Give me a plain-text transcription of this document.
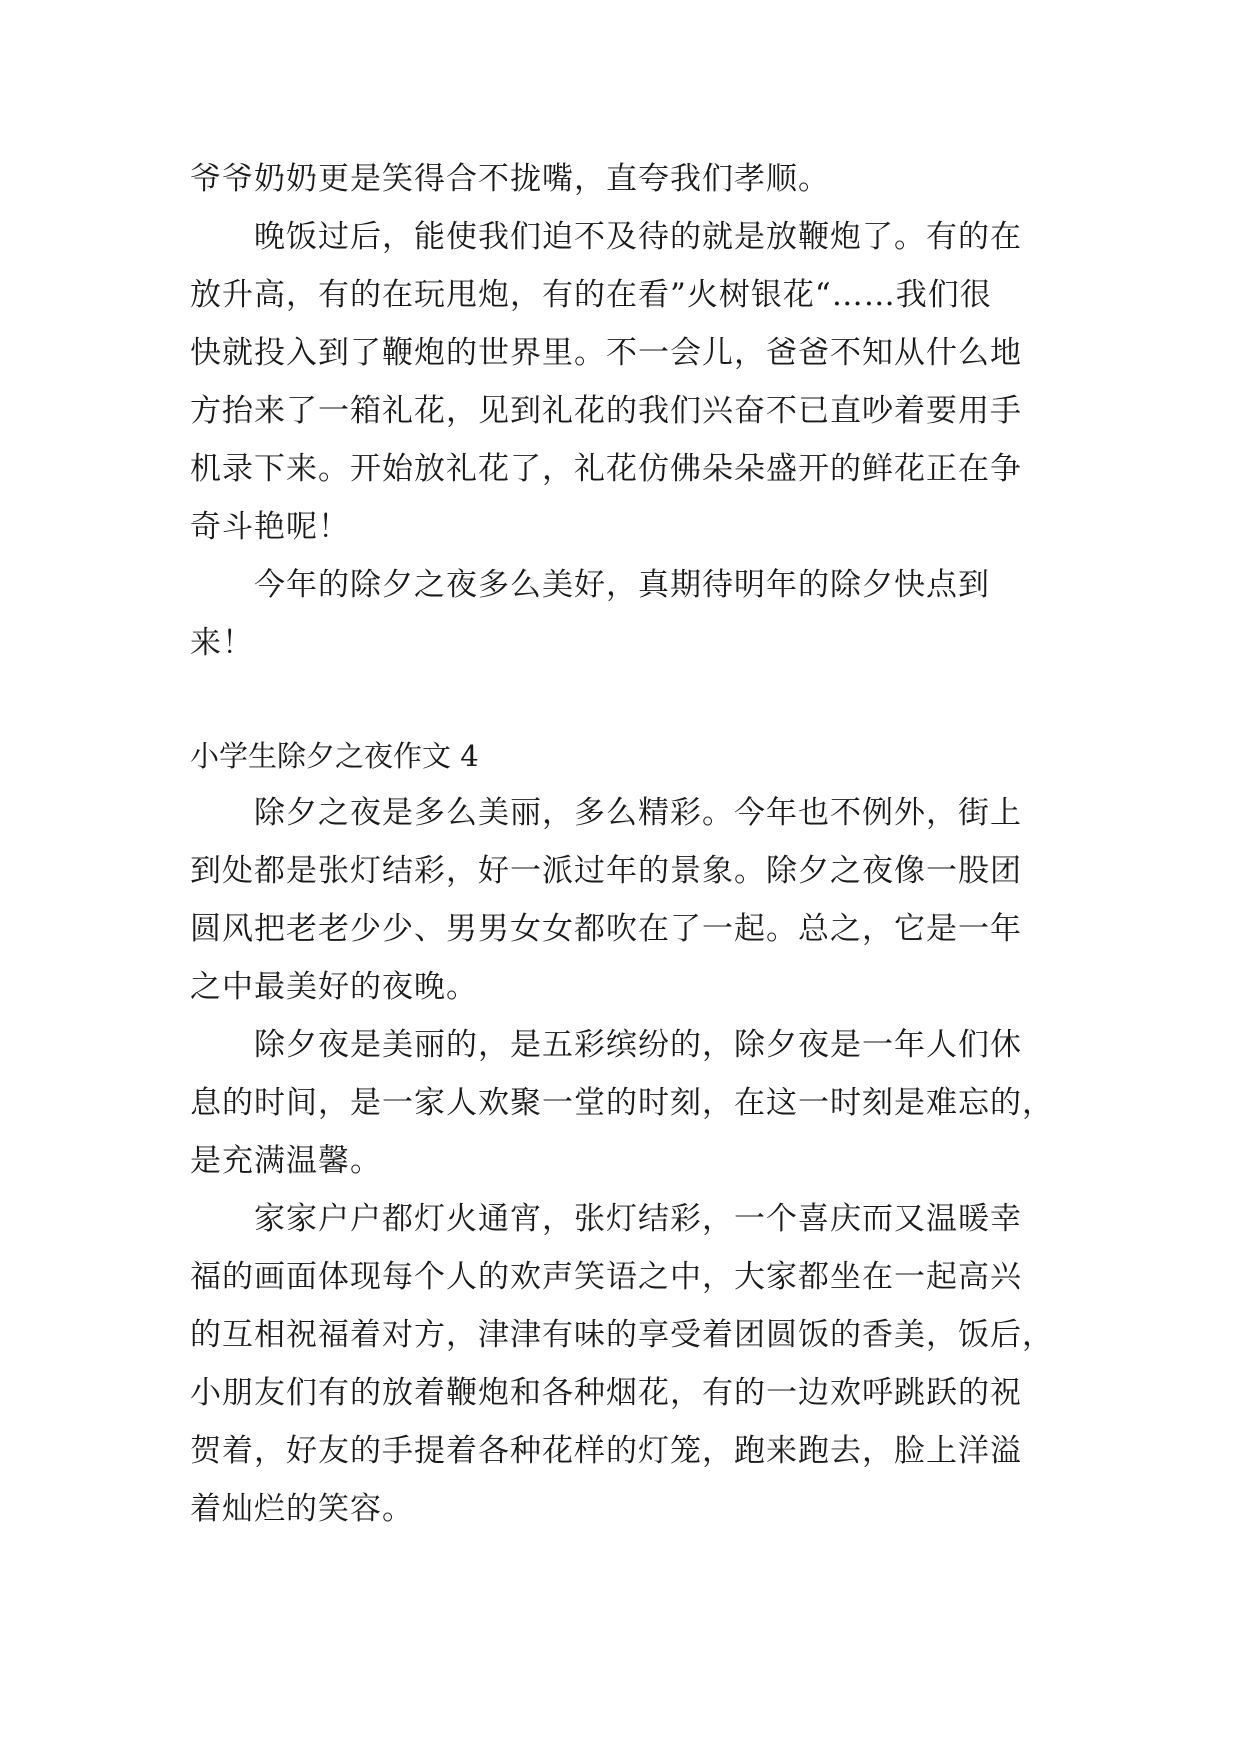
爷爷奶奶更是笑得合不拢嘴，直夸我们孝顺。
晚饭过后，能使我们迫不及待的就是放鞭炮了。有的在
放升高，有的在玩甩炮，有的在看”火树银花“……我们很
快就投入到了鞭炮的世界里。不一会儿，爸爸不知从什么地
方抬来了一箱礼花，见到礼花的我们兴奋不已直吵着要用手
机录下来。开始放礼花了，礼花仿佛朵朵盛开的鲜花正在争
奇斗艳呢！
今年的除夕之夜多么美好，真期待明年的除夕快点到
来！
小学生除夕之夜作文 4
除夕之夜是多么美丽，多么精彩。今年也不例外，街上
到处都是张灯结彩，好一派过年的景象。除夕之夜像一股团
圆风把老老少少、男男女女都吹在了一起。总之，它是一年
之中最美好的夜晚。
除夕夜是美丽的，是五彩缤纷的，除夕夜是一年人们休
息的时间，是一家人欢聚一堂的时刻，在这一时刻是难忘的，
是充满温馨。
家家户户都灯火通宵，张灯结彩，一个喜庆而又温暖幸
福的画面体现每个人的欢声笑语之中，大家都坐在一起高兴
的互相祝福着对方，津津有味的享受着团圆饭的香美，饭后，
小朋友们有的放着鞭炮和各种烟花，有的一边欢呼跳跃的祝
贺着，好友的手提着各种花样的灯笼，跑来跑去，脸上洋溢
着灿烂的笑容。
